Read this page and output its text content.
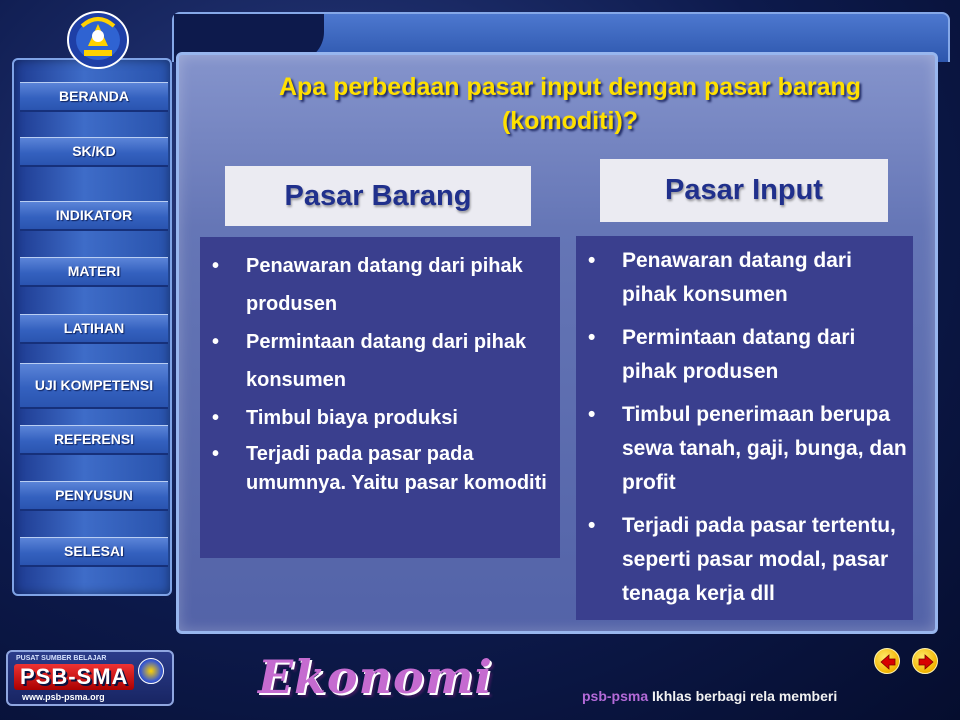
BERANDA
SK/KD
INDIKATOR
MATERI
LATIHAN
UJI KOMPETENSI
REFERENSI
PENYUSUN
SELESAI
Apa perbedaan pasar input dengan pasar barang (komoditi)?
Pasar Barang	Pasar Input
• Penawaran datang dari pihak produsen
• Permintaan datang dari pihak konsumen
• Timbul biaya produksi
• Terjadi pada pasar pada umumnya. Yaitu pasar komoditi
• Penawaran datang dari pihak konsumen
• Permintaan datang dari pihak produsen
• Timbul penerimaan berupa sewa tanah, gaji, bunga, dan profit
• Terjadi pada pasar tertentu, seperti pasar modal, pasar tenaga kerja dll
PUSAT SUMBER BELAJAR
PSB-SMA
www.psb-psma.org	Ekonomi	psb-psma Ikhlas berbagi rela memberi
